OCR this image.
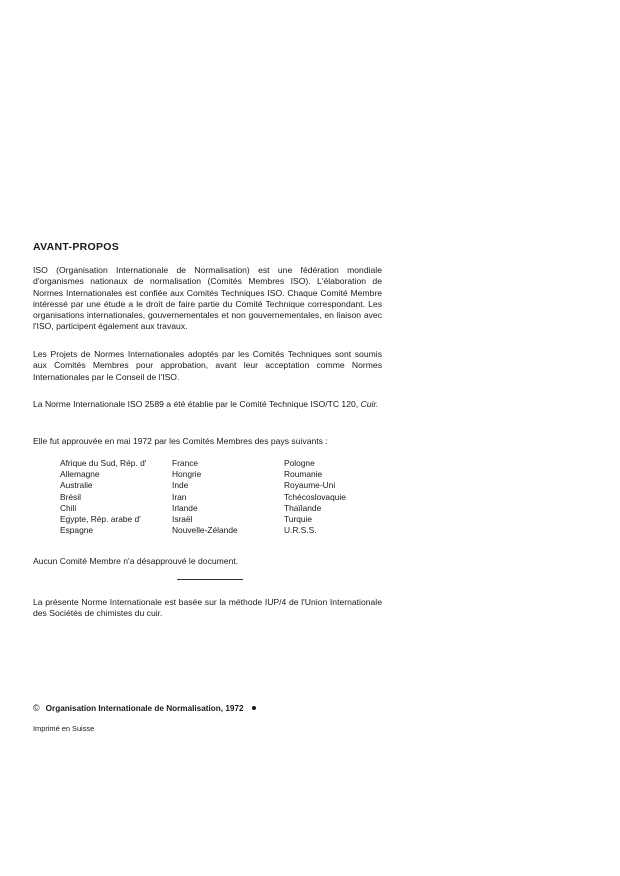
AVANT-PROPOS

ISO (Organisation Internationale de Normalisation) est une fédération mondiale d'organismes nationaux de normalisation (Comités Membres ISO). L'élaboration de Normes Internationales est confiée aux Comités Techniques ISO. Chaque Comité Membre intéressé par une étude a le droit de faire partie du Comité Technique correspondant. Les organisations internationales, gouvernementales et non gouvernementales, en liaison avec l'ISO, participent également aux travaux.

Les Projets de Normes Internationales adoptés par les Comités Techniques sont soumis aux Comités Membres pour approbation, avant leur acceptation comme Normes Internationales par le Conseil de l'ISO.

La Norme Internationale ISO 2589 a été établie par le Comité Technique ISO/TC 120, Cuir.

Elle fut approuvée en mai 1972 par les Comités Membres des pays suivants :

Afrique du Sud, Rép. d'	France	Pologne
Allemagne	Hongrie	Roumanie
Australie	Inde	Royaume-Uni
Brésil	Iran	Tchécoslovaquie
Chili	Irlande	Thaïlande
Egypte, Rép. arabe d'	Israël	Turquie
Espagne	Nouvelle-Zélande	U.R.S.S.

Aucun Comité Membre n'a désapprouvé le document.

La présente Norme Internationale est basée sur la méthode IUP/4 de l'Union Internationale des Sociétés de chimistes du cuir.

© Organisation Internationale de Normalisation, 1972
Imprimé en Suisse
